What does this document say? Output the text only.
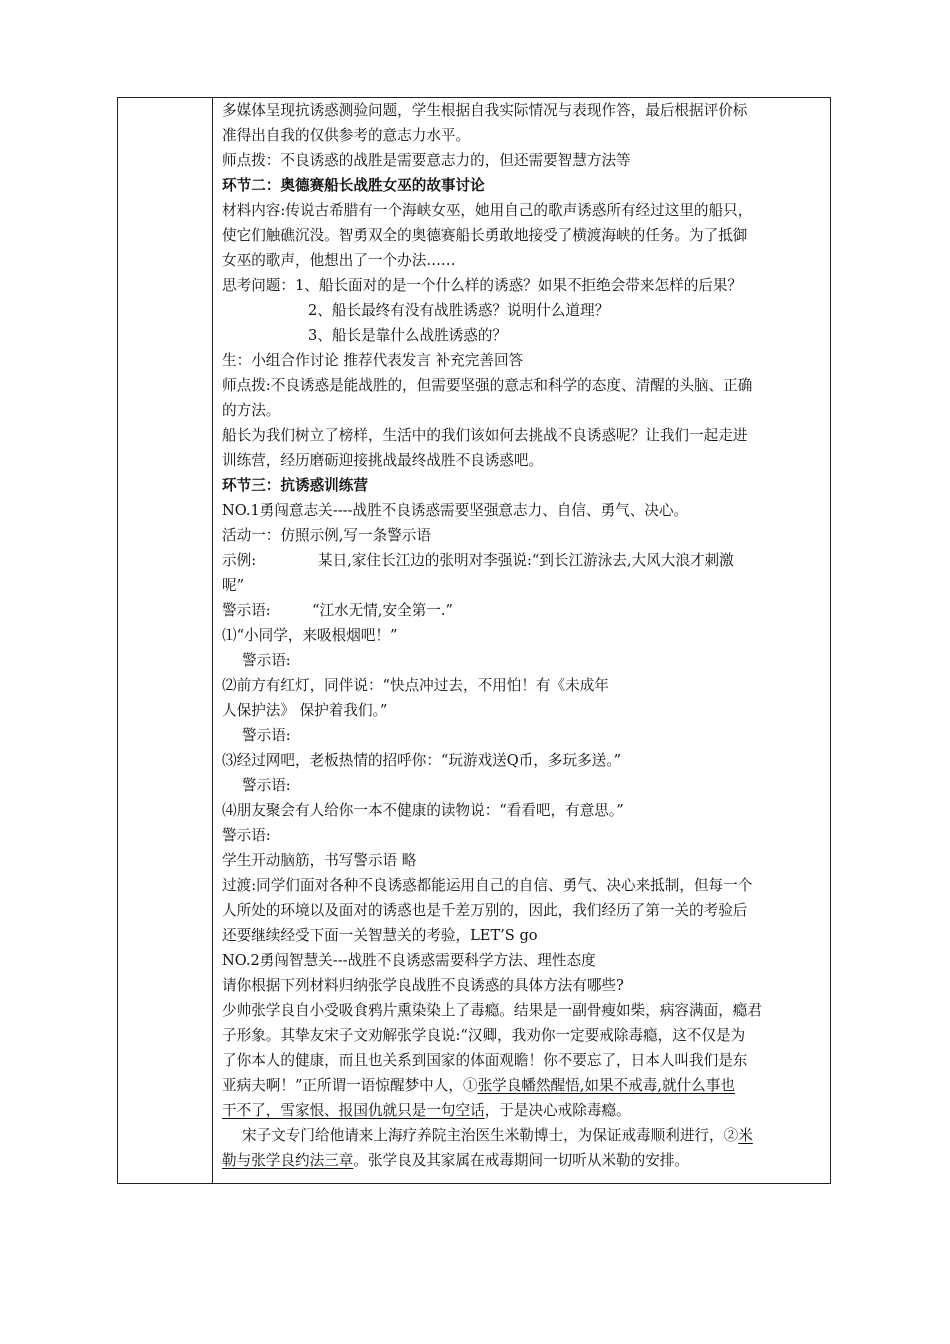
多媒体呈现抗诱惑测验问题，学生根据自我实际情况与表现作答，最后根据评价标
准得出自我的仅供参考的意志力水平。
师点拨：不良诱惑的战胜是需要意志力的，但还需要智慧方法等
环节二：奥德赛船长战胜女巫的故事讨论
材料内容:传说古希腊有一个海峡女巫，她用自己的歌声诱惑所有经过这里的船只，
使它们触礁沉没。智勇双全的奥德赛船长勇敢地接受了横渡海峡的任务。为了抵御
女巫的歌声，他想出了一个办法……
思考问题：1、船长面对的是一个什么样的诱惑？如果不拒绝会带来怎样的后果？
2、船长最终有没有战胜诱惑？说明什么道理？
3、船长是靠什么战胜诱惑的？
生：小组合作讨论 推荐代表发言 补充完善回答
师点拨:不良诱惑是能战胜的，但需要坚强的意志和科学的态度、清醒的头脑、正确
的方法。
船长为我们树立了榜样，生活中的我们该如何去挑战不良诱惑呢？让我们一起走进
训练营，经历磨砺迎接挑战最终战胜不良诱惑吧。
环节三：抗诱惑训练营
NO.1勇闯意志关----战胜不良诱惑需要坚强意志力、自信、勇气、决心。
活动一：仿照示例,写一条警示语
示例:	某日,家住长江边的张明对李强说:“到长江游泳去,大风大浪才刺激
呢”
警示语:	“江水无情,安全第一.”
⑴“小同学，来吸根烟吧！”
警示语:
⑵前方有红灯，同伴说：“快点冲过去，不用怕！有《未成年
人保护法》 保护着我们。”
警示语:
⑶经过网吧，老板热情的招呼你：“玩游戏送Q币，多玩多送。”
警示语:
⑷朋友聚会有人给你一本不健康的读物说：“看看吧，有意思。”
警示语:
学生开动脑筋，书写警示语 略
过渡:同学们面对各种不良诱惑都能运用自己的自信、勇气、决心来抵制，但每一个
人所处的环境以及面对的诱惑也是千差万别的，因此，我们经历了第一关的考验后
还要继续经受下面一关智慧关的考验，LET’S go
NO.2勇闯智慧关---战胜不良诱惑需要科学方法、理性态度
请你根据下列材料归纳张学良战胜不良诱惑的具体方法有哪些?
少帅张学良自小受吸食鸦片熏染染上了毒瘾。结果是一副骨瘦如柴，病容满面，瘾君
子形象。其挚友宋子文劝解张学良说:“汉卿，我劝你一定要戒除毒瘾，这不仅是为
了你本人的健康，而且也关系到国家的体面观瞻！你不要忘了，日本人叫我们是东
亚病夫啊！”正所谓一语惊醒梦中人，①张学良幡然醒悟,如果不戒毒,就什么事也
干不了，雪家恨、报国仇就只是一句空话，于是决心戒除毒瘾。
宋子文专门给他请来上海疗养院主治医生米勒博士，为保证戒毒顺利进行，②米
勒与张学良约法三章。张学良及其家属在戒毒期间一切听从米勒的安排。
